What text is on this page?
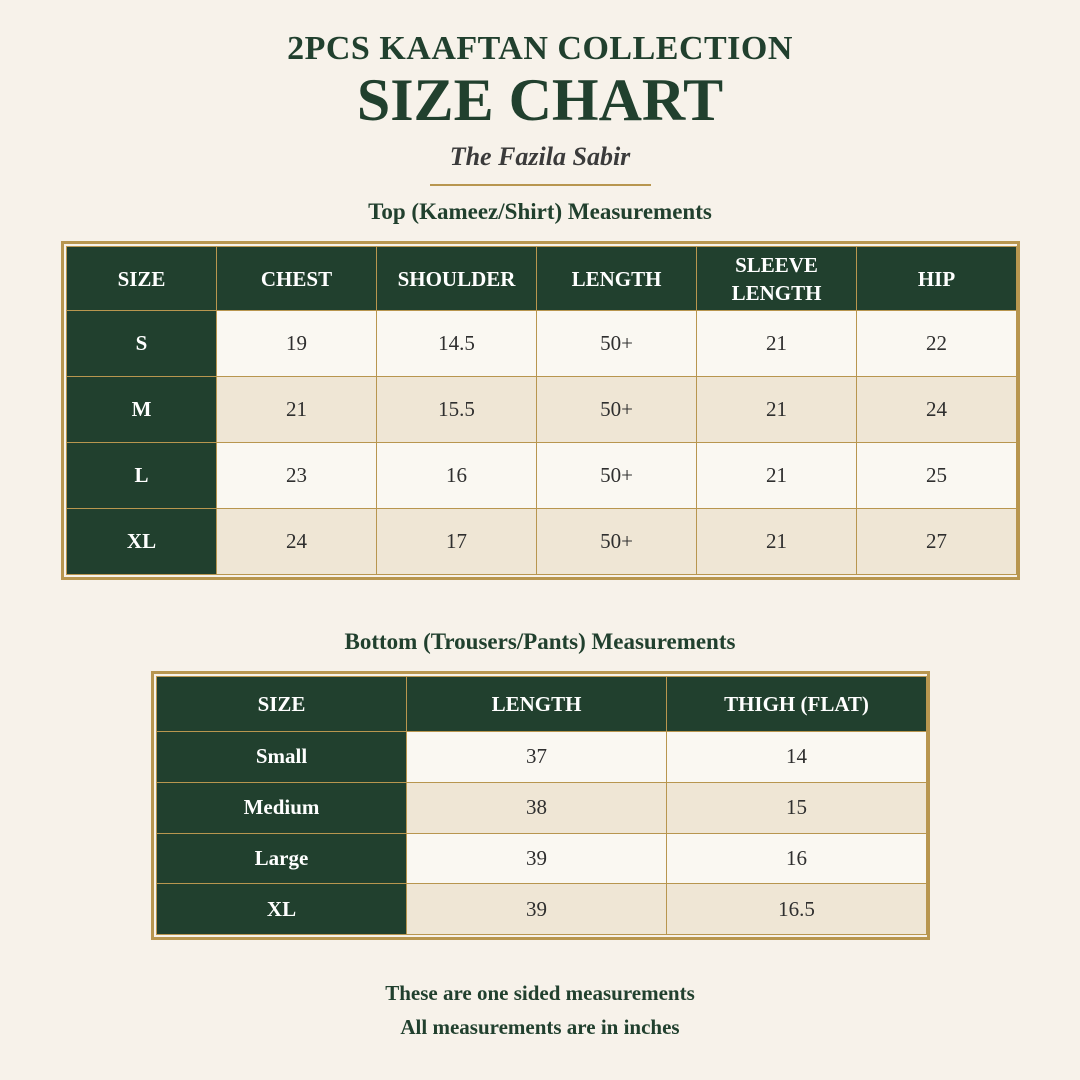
2PCS KAAFTAN COLLECTION
SIZE CHART
The Fazila Sabir
Top (Kameez/Shirt) Measurements
SIZE	CHEST	SHOULDER	LENGTH	SLEEVE LENGTH	HIP
S	19	14.5	50+	21	22
M	21	15.5	50+	21	24
L	23	16	50+	21	25
XL	24	17	50+	21	27
Bottom (Trousers/Pants) Measurements
SIZE	LENGTH	THIGH (FLAT)
Small	37	14
Medium	38	15
Large	39	16
XL	39	16.5
These are one sided measurements
All measurements are in inches
